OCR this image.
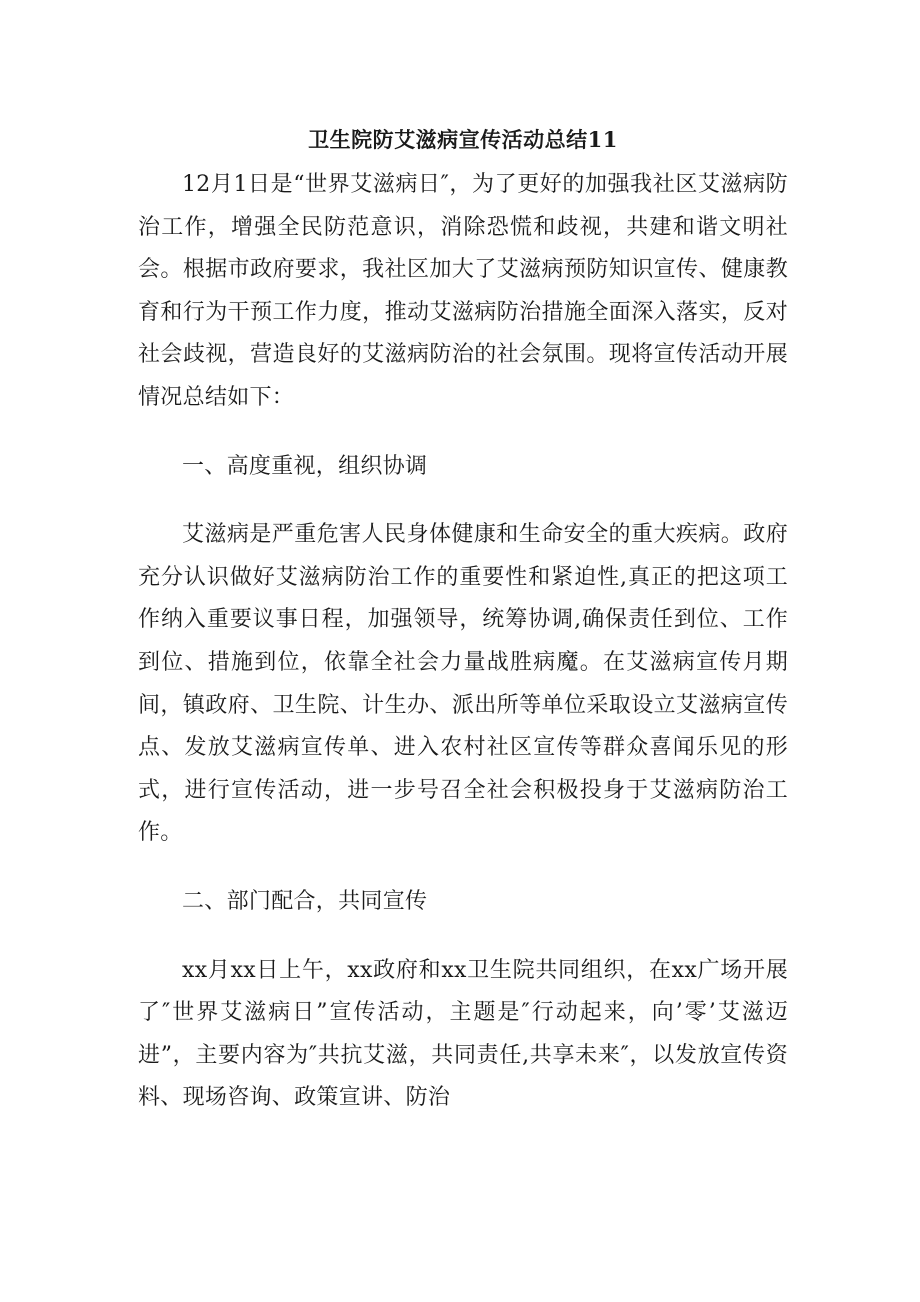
卫生院防艾滋病宣传活动总结11

12月1日是“世界艾滋病日″，为了更好的加强我社区艾滋病防治工作，增强全民防范意识，消除恐慌和歧视，共建和谐文明社会。根据市政府要求，我社区加大了艾滋病预防知识宣传、健康教育和行为干预工作力度，推动艾滋病防治措施全面深入落实，反对社会歧视，营造良好的艾滋病防治的社会氛围。现将宣传活动开展情况总结如下：

一、高度重视，组织协调

艾滋病是严重危害人民身体健康和生命安全的重大疾病。政府充分认识做好艾滋病防治工作的重要性和紧迫性,真正的把这项工作纳入重要议事日程，加强领导，统筹协调,确保责任到位、工作到位、措施到位，依靠全社会力量战胜病魔。在艾滋病宣传月期间，镇政府、卫生院、计生办、派出所等单位采取设立艾滋病宣传点、发放艾滋病宣传单、进入农村社区宣传等群众喜闻乐见的形式，进行宣传活动，进一步号召全社会积极投身于艾滋病防治工作。

二、部门配合，共同宣传

xx月xx日上午，xx政府和xx卫生院共同组织，在xx广场开展了″世界艾滋病日”宣传活动，主题是″行动起来，向’零’艾滋迈进”，主要内容为″共抗艾滋，共同责任,共享未来″，以发放宣传资料、现场咨询、政策宣讲、防治
